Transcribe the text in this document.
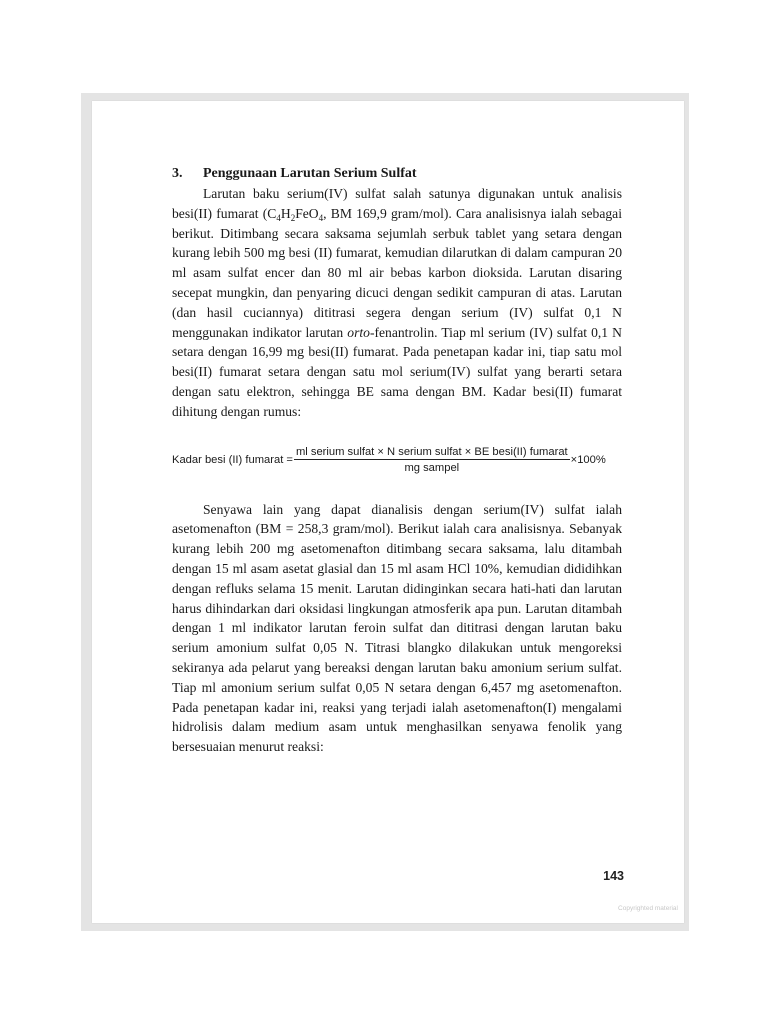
3.	Penggunaan Larutan Serium Sulfat

Larutan baku serium(IV) sulfat salah satunya digunakan untuk analisis besi(II) fumarat ($C_4H_2FeO_4$, BM 169,9 gram/mol). Cara analisisnya ialah sebagai berikut. Ditimbang secara saksama sejumlah serbuk tablet yang setara dengan kurang lebih 500 mg besi (II) fumarat, kemudian dilarutkan di dalam campuran 20 ml asam sulfat encer dan 80 ml air bebas karbon dioksida. Larutan disaring secepat mungkin, dan penyaring dicuci dengan sedikit campuran di atas. Larutan (dan hasil cuciannya) dititrasi segera dengan serium (IV) sulfat 0,1 N menggunakan indikator larutan orto-fenantrolin. Tiap ml serium (IV) sulfat 0,1 N setara dengan 16,99 mg besi(II) fumarat. Pada penetapan kadar ini, tiap satu mol besi(II) fumarat setara dengan satu mol serium(IV) sulfat yang berarti setara dengan satu elektron, sehingga BE sama dengan BM. Kadar besi(II) fumarat dihitung dengan rumus:

Kadar besi (II) fumarat = $\frac{\text{ml serium sulfat × N serium sulfat × BE besi(II) fumarat}}{\text{mg sampel}} \times 100\%$

Senyawa lain yang dapat dianalisis dengan serium(IV) sulfat ialah asetomenafton (BM = 258,3 gram/mol). Berikut ialah cara analisisnya. Sebanyak kurang lebih 200 mg asetomenafton ditimbang secara saksama, lalu ditambah dengan 15 ml asam asetat glasial dan 15 ml asam HCl 10%, kemudian dididihkan dengan refluks selama 15 menit. Larutan didinginkan secara hati-hati dan larutan harus dihindarkan dari oksidasi lingkungan atmosferik apa pun. Larutan ditambah dengan 1 ml indikator larutan feroin sulfat dan dititrasi dengan larutan baku serium amonium sulfat 0,05 N. Titrasi blangko dilakukan untuk mengoreksi sekiranya ada pelarut yang bereaksi dengan larutan baku amonium serium sulfat. Tiap ml amonium serium sulfat 0,05 N setara dengan 6,457 mg asetomenafton. Pada penetapan kadar ini, reaksi yang terjadi ialah asetomenafton(I) mengalami hidrolisis dalam medium asam untuk menghasilkan senyawa fenolik yang bersesuaian menurut reaksi:

143
Copyrighted material
